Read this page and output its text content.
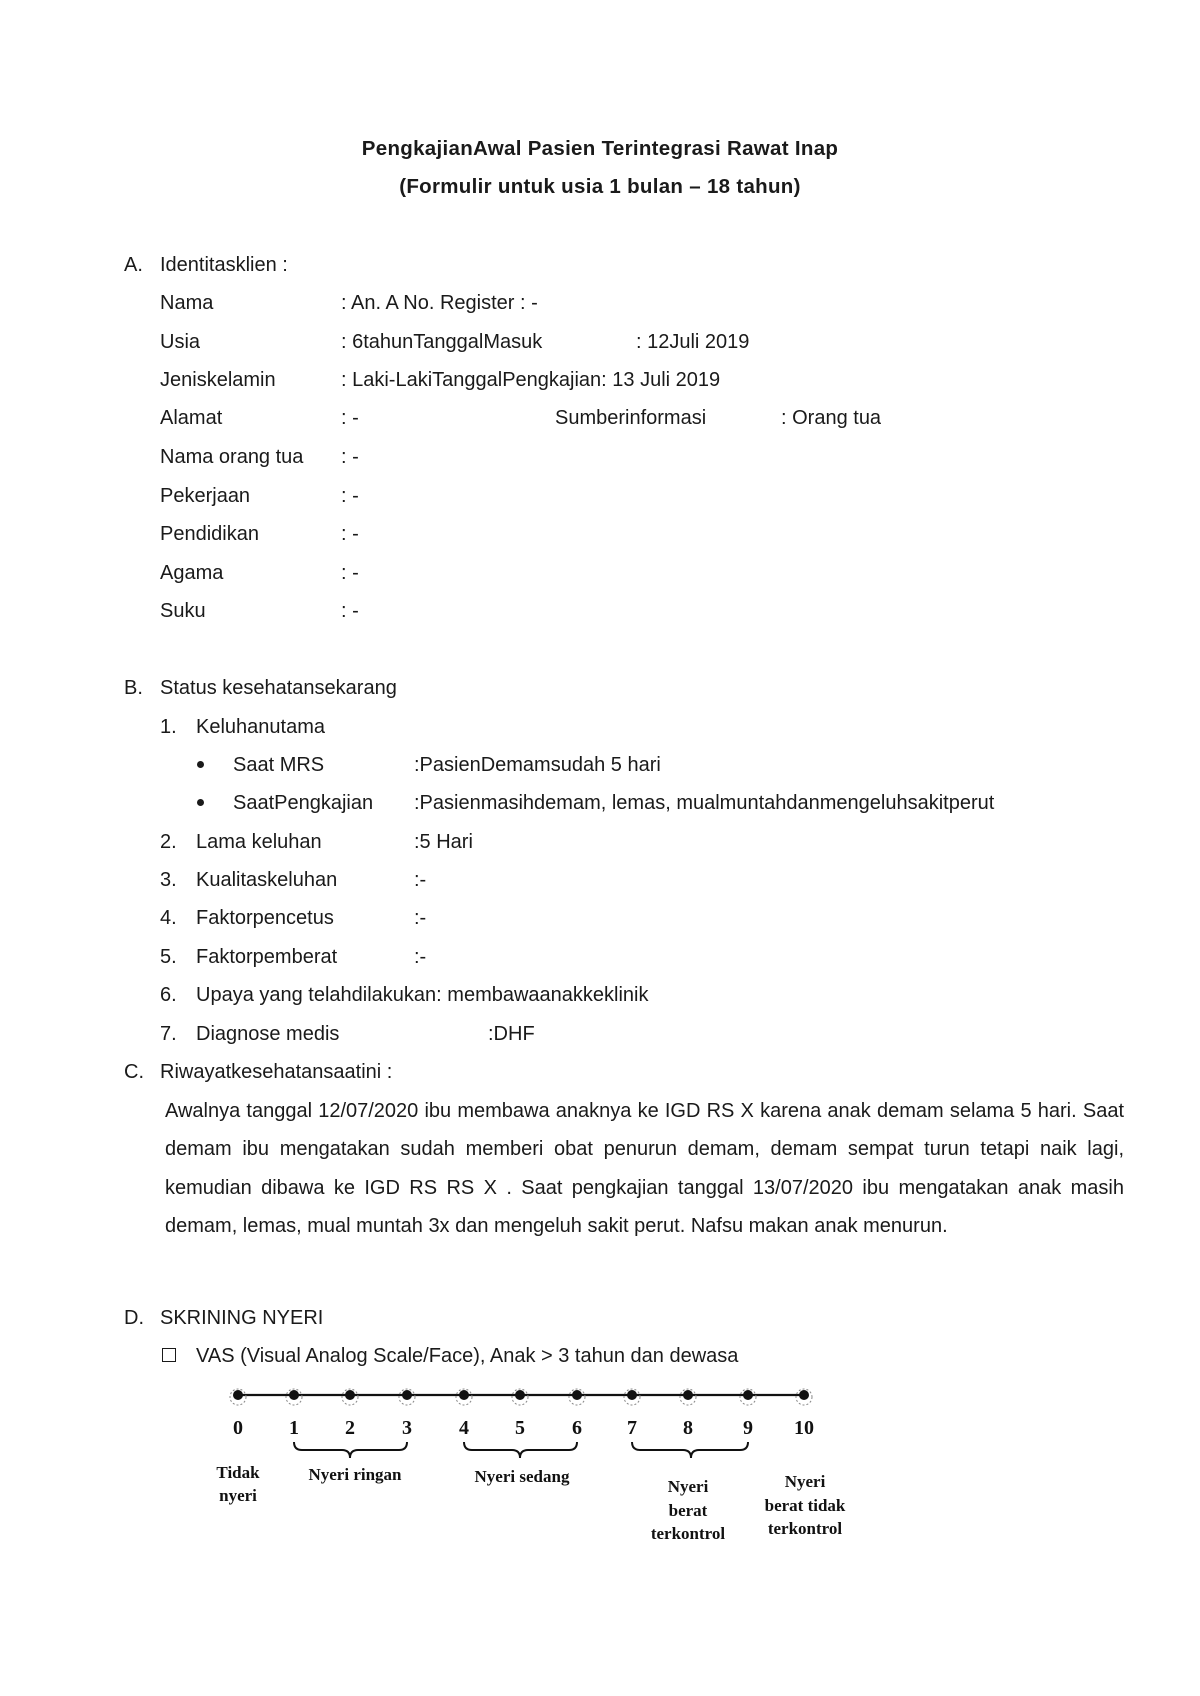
PengkajianAwal Pasien Terintegrasi Rawat Inap
(Formulir untuk usia 1 bulan – 18 tahun)
A. Identitasklien :
Nama	: An. A No. Register : -
Usia	: 6tahunTanggalMasuk	: 12Juli 2019
Jeniskelamin	: Laki-LakiTanggalPengkajian: 13 Juli 2019
Alamat	: -	Sumberinformasi	: Orang tua
Nama orang tua : -
Pekerjaan	: -
Pendidikan	: -
Agama	: -
Suku	: -
B. Status kesehatansekarang
1. Keluhanutama
Saat MRS	:PasienDemamsudah 5 hari
SaatPengkajian :Pasienmasihdemam, lemas, mualmuntahdanmengeluhsakitperut
2. Lama keluhan	:5 Hari
3. Kualitaskeluhan	:-
4. Faktorpencetus	:-
5. Faktorpemberat	:-
6. Upaya yang telahdilakukan: membawaanakkeklinik
7. Diagnose medis	:DHF
C. Riwayatkesehatansaatini :
Awalnya tanggal 12/07/2020 ibu membawa anaknya ke IGD RS X karena anak demam selama 5 hari. Saat demam ibu mengatakan sudah memberi obat penurun demam, demam sempat turun tetapi naik lagi, kemudian dibawa ke IGD RS RS X . Saat pengkajian tanggal 13/07/2020 ibu mengatakan anak masih demam, lemas, mual muntah 3x dan mengeluh sakit perut. Nafsu makan anak menurun.
D. SKRINING NYERI
VAS (Visual Analog Scale/Face), Anak > 3 tahun dan dewasa
0 1 2 3 4 5 6 7 8	9 10
Tidak
nyeri
Nyeri ringan	Nyeri sedang
Nyeri
berat
terkontrol
Nyeri
berat tidak
terkontrol
